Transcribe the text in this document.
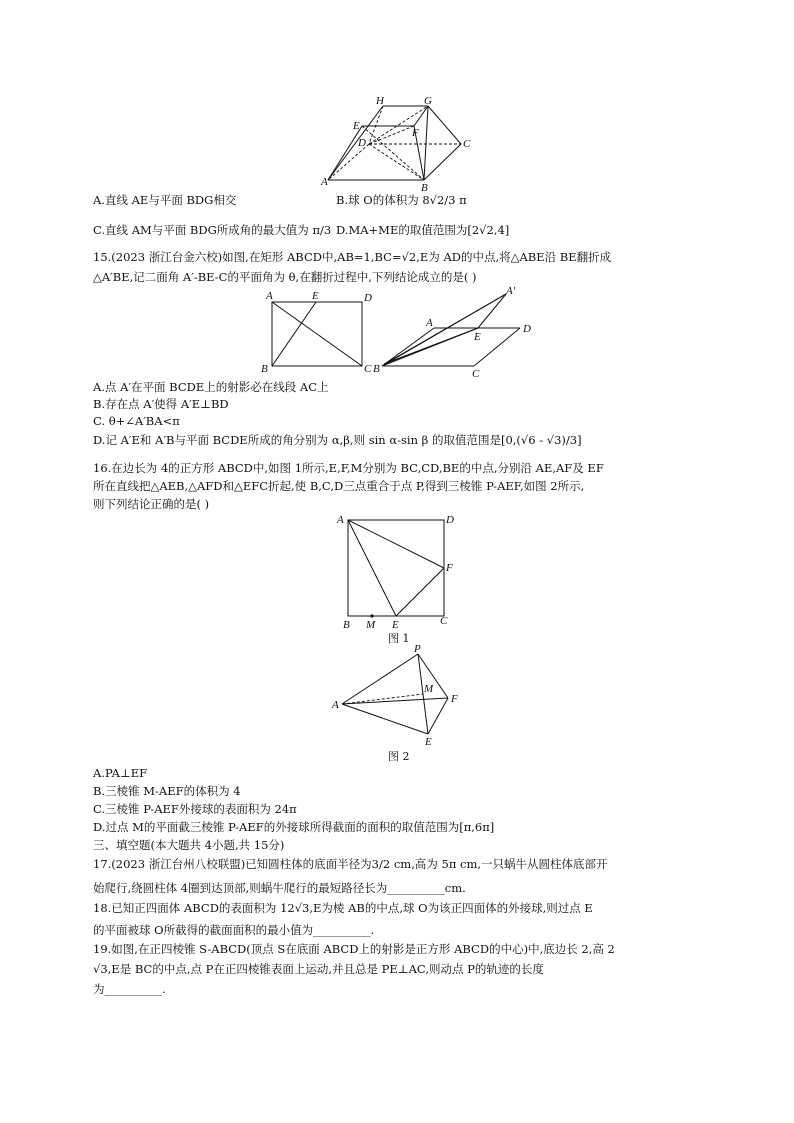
H	G
E
D
F
C
A	B
A.直线 AE与平面 BDG相交	B.球 O的体积为 8√2/3 π
C.直线 AM与平面 BDG所成角的最大值为 π/3 D.MA+ME的取值范围为[2√2,4]
15.(2023 浙江台金六校)如图,在矩形 ABCD中,AB=1,BC=√2,E为 AD的中点,将△ABE沿 BE翻折成
△A′BE,记二面角 A′-BE-C的平面角为 θ,在翻折过程中,下列结论成立的是( )
A	E	D
B	C
A′
A
E
D
B	C
A.点 A′在平面 BCDE上的射影必在线段 AC上
B.存在点 A′使得 A′E⊥BD
C. θ+∠A′BA<π
D.记 A′E和 A′B与平面 BCDE所成的角分别为 α,β,则 sin α-sin β 的取值范围是[0,(√6 - √3)/3]
16.在边长为 4的正方形 ABCD中,如图 1所示,E,F,M分别为 BC,CD,BE的中点,分别沿 AE,AF及 EF
所在直线把△AEB,△AFD和△EFC折起,使 B,C,D三点重合于点 P,得到三棱锥 P-AEF,如图 2所示,
则下列结论正确的是( )
A	D
F
B M E	C
图 1
P
M
A	F
E
图 2
A.PA⊥EF
B.三棱锥 M-AEF的体积为 4
C.三棱锥 P-AEF外接球的表面积为 24π
D.过点 M的平面截三棱锥 P-AEF的外接球所得截面的面积的取值范围为[π,6π]
三、填空题(本大题共 4小题,共 15分)
17.(2023 浙江台州八校联盟)已知圆柱体的底面半径为3/2 cm,高为 5π cm,一只蜗牛从圆柱体底部开
始爬行,绕圆柱体 4圈到达顶部,则蜗牛爬行的最短路径长为__________cm.
18.已知正四面体 ABCD的表面积为 12√3,E为棱 AB的中点,球 O为该正四面体的外接球,则过点 E
的平面被球 O所截得的截面面积的最小值为__________.
19.如图,在正四棱锥 S-ABCD(顶点 S在底面 ABCD上的射影是正方形 ABCD的中心)中,底边长 2,高 2
√3,E是 BC的中点,点 P在正四棱锥表面上运动,并且总是 PE⊥AC,则动点 P的轨迹的长度
为__________.
